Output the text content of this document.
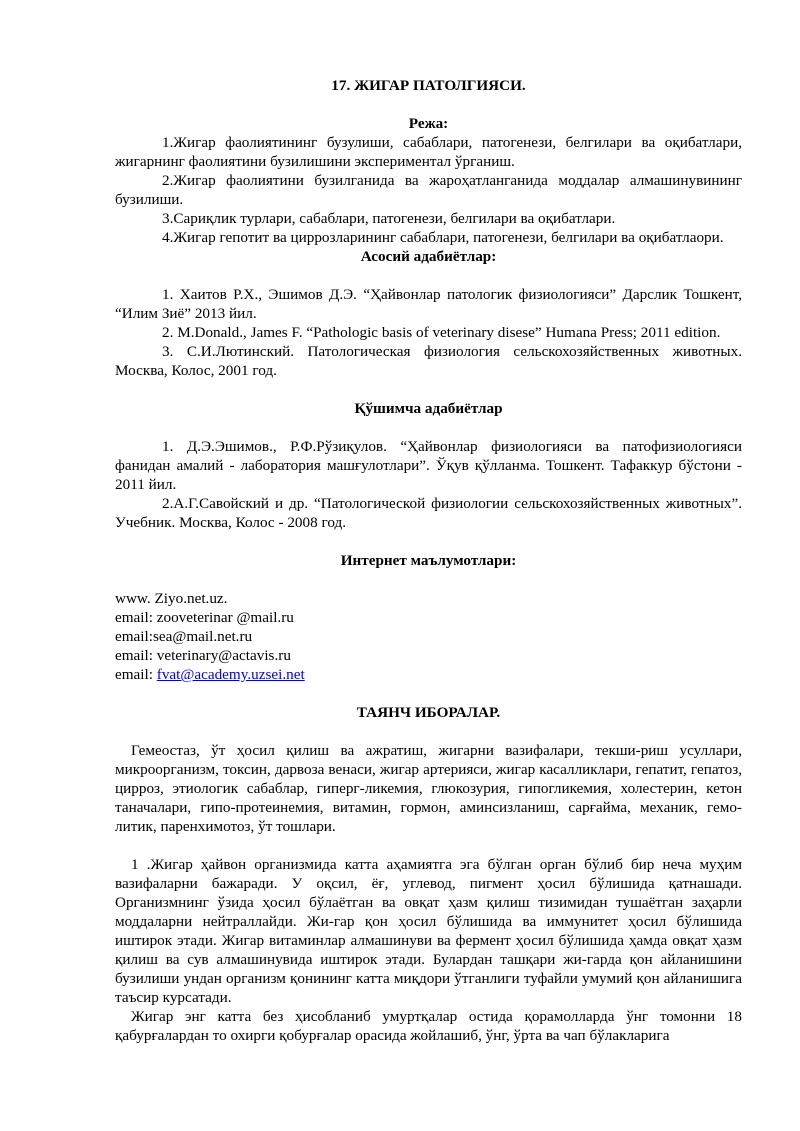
17. ЖИГАР ПАТОЛГИЯСИ.

Режа:

1.Жигар фаолиятининг бузулиши, сабаблари, патогенези, белгилари ва оқибатлари, жигарнинг фаолиятини бузилишини экспериментал ўрганиш.

2.Жигар фаолиятини бузилганида ва жароҳатланганида моддалар алмашинувининг бузилиши.

3.Сариқлик турлари, сабаблари, патогенези, белгилари ва оқибатлари.

4.Жигар гепотит ва циррозларининг сабаблари, патогенези, белгилари ва оқибатлаори.

Асосий адабиётлар:

1. Хаитов Р.Х., Эшимов Д.Э. “Ҳайвонлар патологик физиологияси” Дарслик Тошкент, “Илим Зиё” 2013 йил.

2. M.Donald., James F. “Pathologic basis of veterinary disese” Humana Press; 2011 edition.

3. С.И.Лютинский. Патологическая физиология сельскохозяйственных животных. Москва, Колос, 2001 год.

Қўшимча адабиётлар

1. Д.Э.Эшимов., Р.Ф.Рўзиқулов. “Ҳайвонлар физиологияси ва патофизиологияси фанидан амалий - лаборатория машғулотлари”. Ўқув қўлланма. Тошкент. Тафаккур бўстони - 2011 йил.

2.А.Г.Савойский и др. “Патологической физиологии сельскохозяйственных животных”. Учебник. Москва, Колос - 2008 год.

Интернет маълумотлари:

www. Ziyo.net.uz.

email: zooveterinar @mail.ru

email:sea@mail.net.ru

email: veterinary@actavis.ru

email: fvat@academy.uzsei.net

ТАЯНЧ ИБОРАЛАР.

Гемеостаз, ўт ҳосил қилиш ва ажратиш, жигарни вазифалари, текши-риш усуллари, микроорганизм, токсин, дарвоза венаси, жигар артерияси, жигар касалликлари, гепатит, гепатоз, цирроз, этиологик сабаблар, гиперг-ликемия, глюкозурия, гипогликемия, холестерин, кетон таначалари, гипо-протеинемия, витамин, гормон, аминсизланиш, сарғайма, механик, гемо-литик, паренхимотоз, ўт тошлари.

1 .Жигар ҳайвон организмида катта аҳамиятга эга бўлган орган бўлиб бир неча муҳим вазифаларни бажаради. У оқсил, ёғ, углевод, пигмент ҳосил бўлишида қатнашади. Организмнинг ўзида ҳосил бўлаётган ва овқат ҳазм қилиш тизимидан тушаётган заҳарли моддаларни нейтраллайди. Жи-гар қон ҳосил бўлишида ва иммунитет ҳосил бўлишида иштирок этади. Жигар витаминлар алмашинуви ва фермент ҳосил бўлишида ҳамда овқат ҳазм қилиш ва сув алмашинувида иштирок этади. Булардан ташқари жи-гарда қон айланишини бузилиши ундан организм қонининг катта миқдори ўтганлиги туфайли умумий қон айланишига таъсир курсатади.

Жигар энг катта без ҳисобланиб умуртқалар остида қорамолларда ўнг томонни 18 қабурғалардан то охирги қобурғалар орасида жойлашиб, ўнг, ўрта ва чап бўлакларига
